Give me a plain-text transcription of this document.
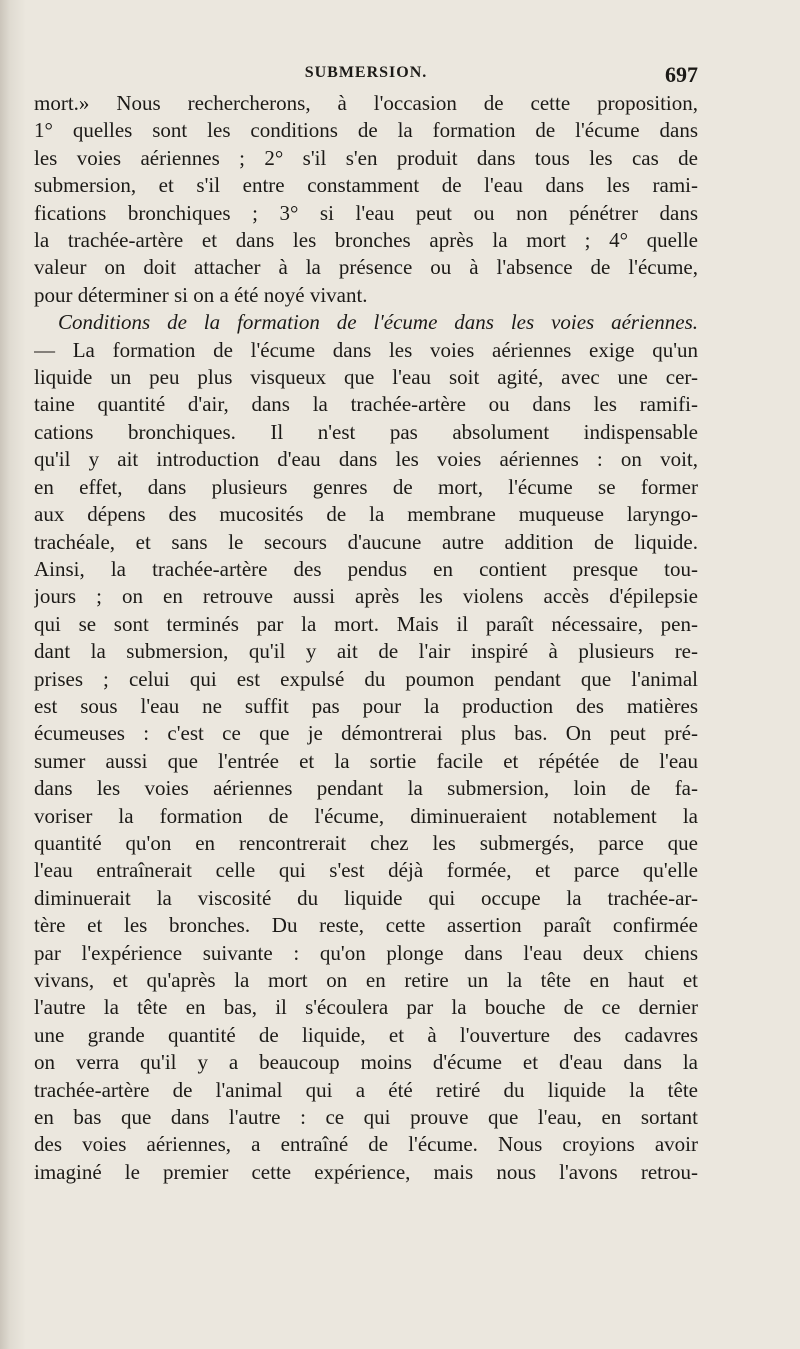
SUBMERSION.	697
mort.» Nous rechercherons, à l'occasion de cette proposition,
1° quelles sont les conditions de la formation de l'écume dans
les voies aériennes ; 2° s'il s'en produit dans tous les cas de
submersion, et s'il entre constamment de l'eau dans les rami-
fications bronchiques ; 3° si l'eau peut ou non pénétrer dans
la trachée-artère et dans les bronches après la mort ; 4° quelle
valeur on doit attacher à la présence ou à l'absence de l'écume,
pour déterminer si on a été noyé vivant.
Conditions de la formation de l'écume dans les voies aériennes.
— La formation de l'écume dans les voies aériennes exige qu'un
liquide un peu plus visqueux que l'eau soit agité, avec une cer-
taine quantité d'air, dans la trachée-artère ou dans les ramifi-
cations bronchiques. Il n'est pas absolument indispensable
qu'il y ait introduction d'eau dans les voies aériennes : on voit,
en effet, dans plusieurs genres de mort, l'écume se former
aux dépens des mucosités de la membrane muqueuse laryngo-
trachéale, et sans le secours d'aucune autre addition de liquide.
Ainsi, la trachée-artère des pendus en contient presque tou-
jours ; on en retrouve aussi après les violens accès d'épilepsie
qui se sont terminés par la mort. Mais il paraît nécessaire, pen-
dant la submersion, qu'il y ait de l'air inspiré à plusieurs re-
prises ; celui qui est expulsé du poumon pendant que l'animal
est sous l'eau ne suffit pas pour la production des matières
écumeuses : c'est ce que je démontrerai plus bas. On peut pré-
sumer aussi que l'entrée et la sortie facile et répétée de l'eau
dans les voies aériennes pendant la submersion, loin de fa-
voriser la formation de l'écume, diminueraient notablement la
quantité qu'on en rencontrerait chez les submergés, parce que
l'eau entraînerait celle qui s'est déjà formée, et parce qu'elle
diminuerait la viscosité du liquide qui occupe la trachée-ar-
tère et les bronches. Du reste, cette assertion paraît confirmée
par l'expérience suivante : qu'on plonge dans l'eau deux chiens
vivans, et qu'après la mort on en retire un la tête en haut et
l'autre la tête en bas, il s'écoulera par la bouche de ce dernier
une grande quantité de liquide, et à l'ouverture des cadavres
on verra qu'il y a beaucoup moins d'écume et d'eau dans la
trachée-artère de l'animal qui a été retiré du liquide la tête
en bas que dans l'autre : ce qui prouve que l'eau, en sortant
des voies aériennes, a entraîné de l'écume. Nous croyions avoir
imaginé le premier cette expérience, mais nous l'avons retrou-
